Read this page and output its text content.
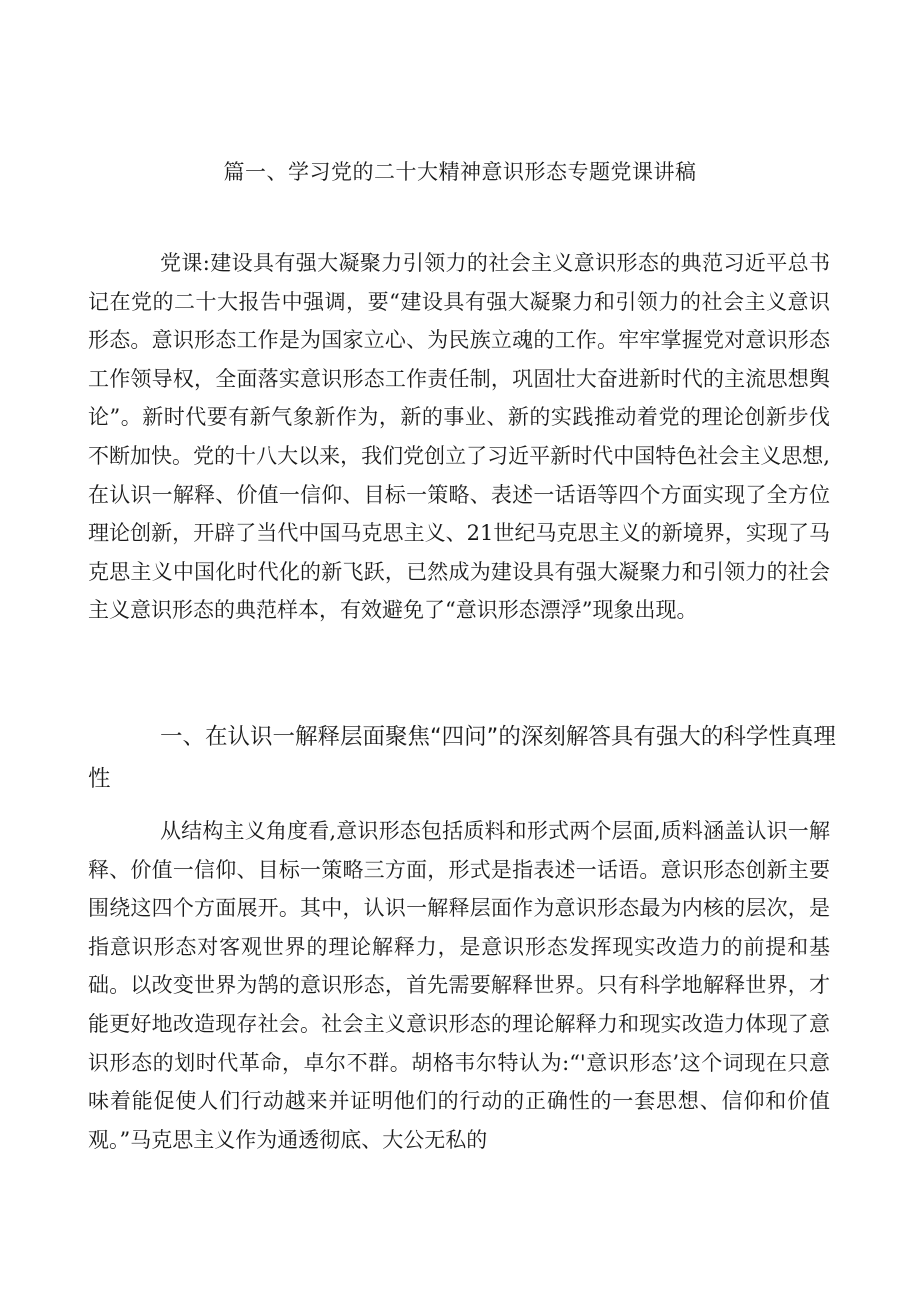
篇一、学习党的二十大精神意识形态专题党课讲稿

党课:建设具有强大凝聚力引领力的社会主义意识形态的典范习近平总书记在党的二十大报告中强调，要“建设具有强大凝聚力和引领力的社会主义意识形态。意识形态工作是为国家立心、为民族立魂的工作。牢牢掌握党对意识形态工作领导权，全面落实意识形态工作责任制，巩固壮大奋进新时代的主流思想舆论”。新时代要有新气象新作为，新的事业、新的实践推动着党的理论创新步伐不断加快。党的十八大以来，我们党创立了习近平新时代中国特色社会主义思想,在认识一解释、价值一信仰、目标一策略、表述一话语等四个方面实现了全方位理论创新，开辟了当代中国马克思主义、21世纪马克思主义的新境界，实现了马克思主义中国化时代化的新飞跃，已然成为建设具有强大凝聚力和引领力的社会主义意识形态的典范样本，有效避免了“意识形态漂浮”现象出现。

一、在认识一解释层面聚焦“四问”的深刻解答具有强大的科学性真理性

从结构主义角度看,意识形态包括质料和形式两个层面,质料涵盖认识一解释、价值一信仰、目标一策略三方面，形式是指表述一话语。意识形态创新主要围绕这四个方面展开。其中，认识一解释层面作为意识形态最为内核的层次，是指意识形态对客观世界的理论解释力，是意识形态发挥现实改造力的前提和基础。以改变世界为鹄的意识形态，首先需要解释世界。只有科学地解释世界，才能更好地改造现存社会。社会主义意识形态的理论解释力和现实改造力体现了意识形态的划时代革命，卓尔不群。胡格韦尔特认为:“'意识形态’这个词现在只意味着能促使人们行动越来并证明他们的行动的正确性的一套思想、信仰和价值观。”马克思主义作为通透彻底、大公无私的
